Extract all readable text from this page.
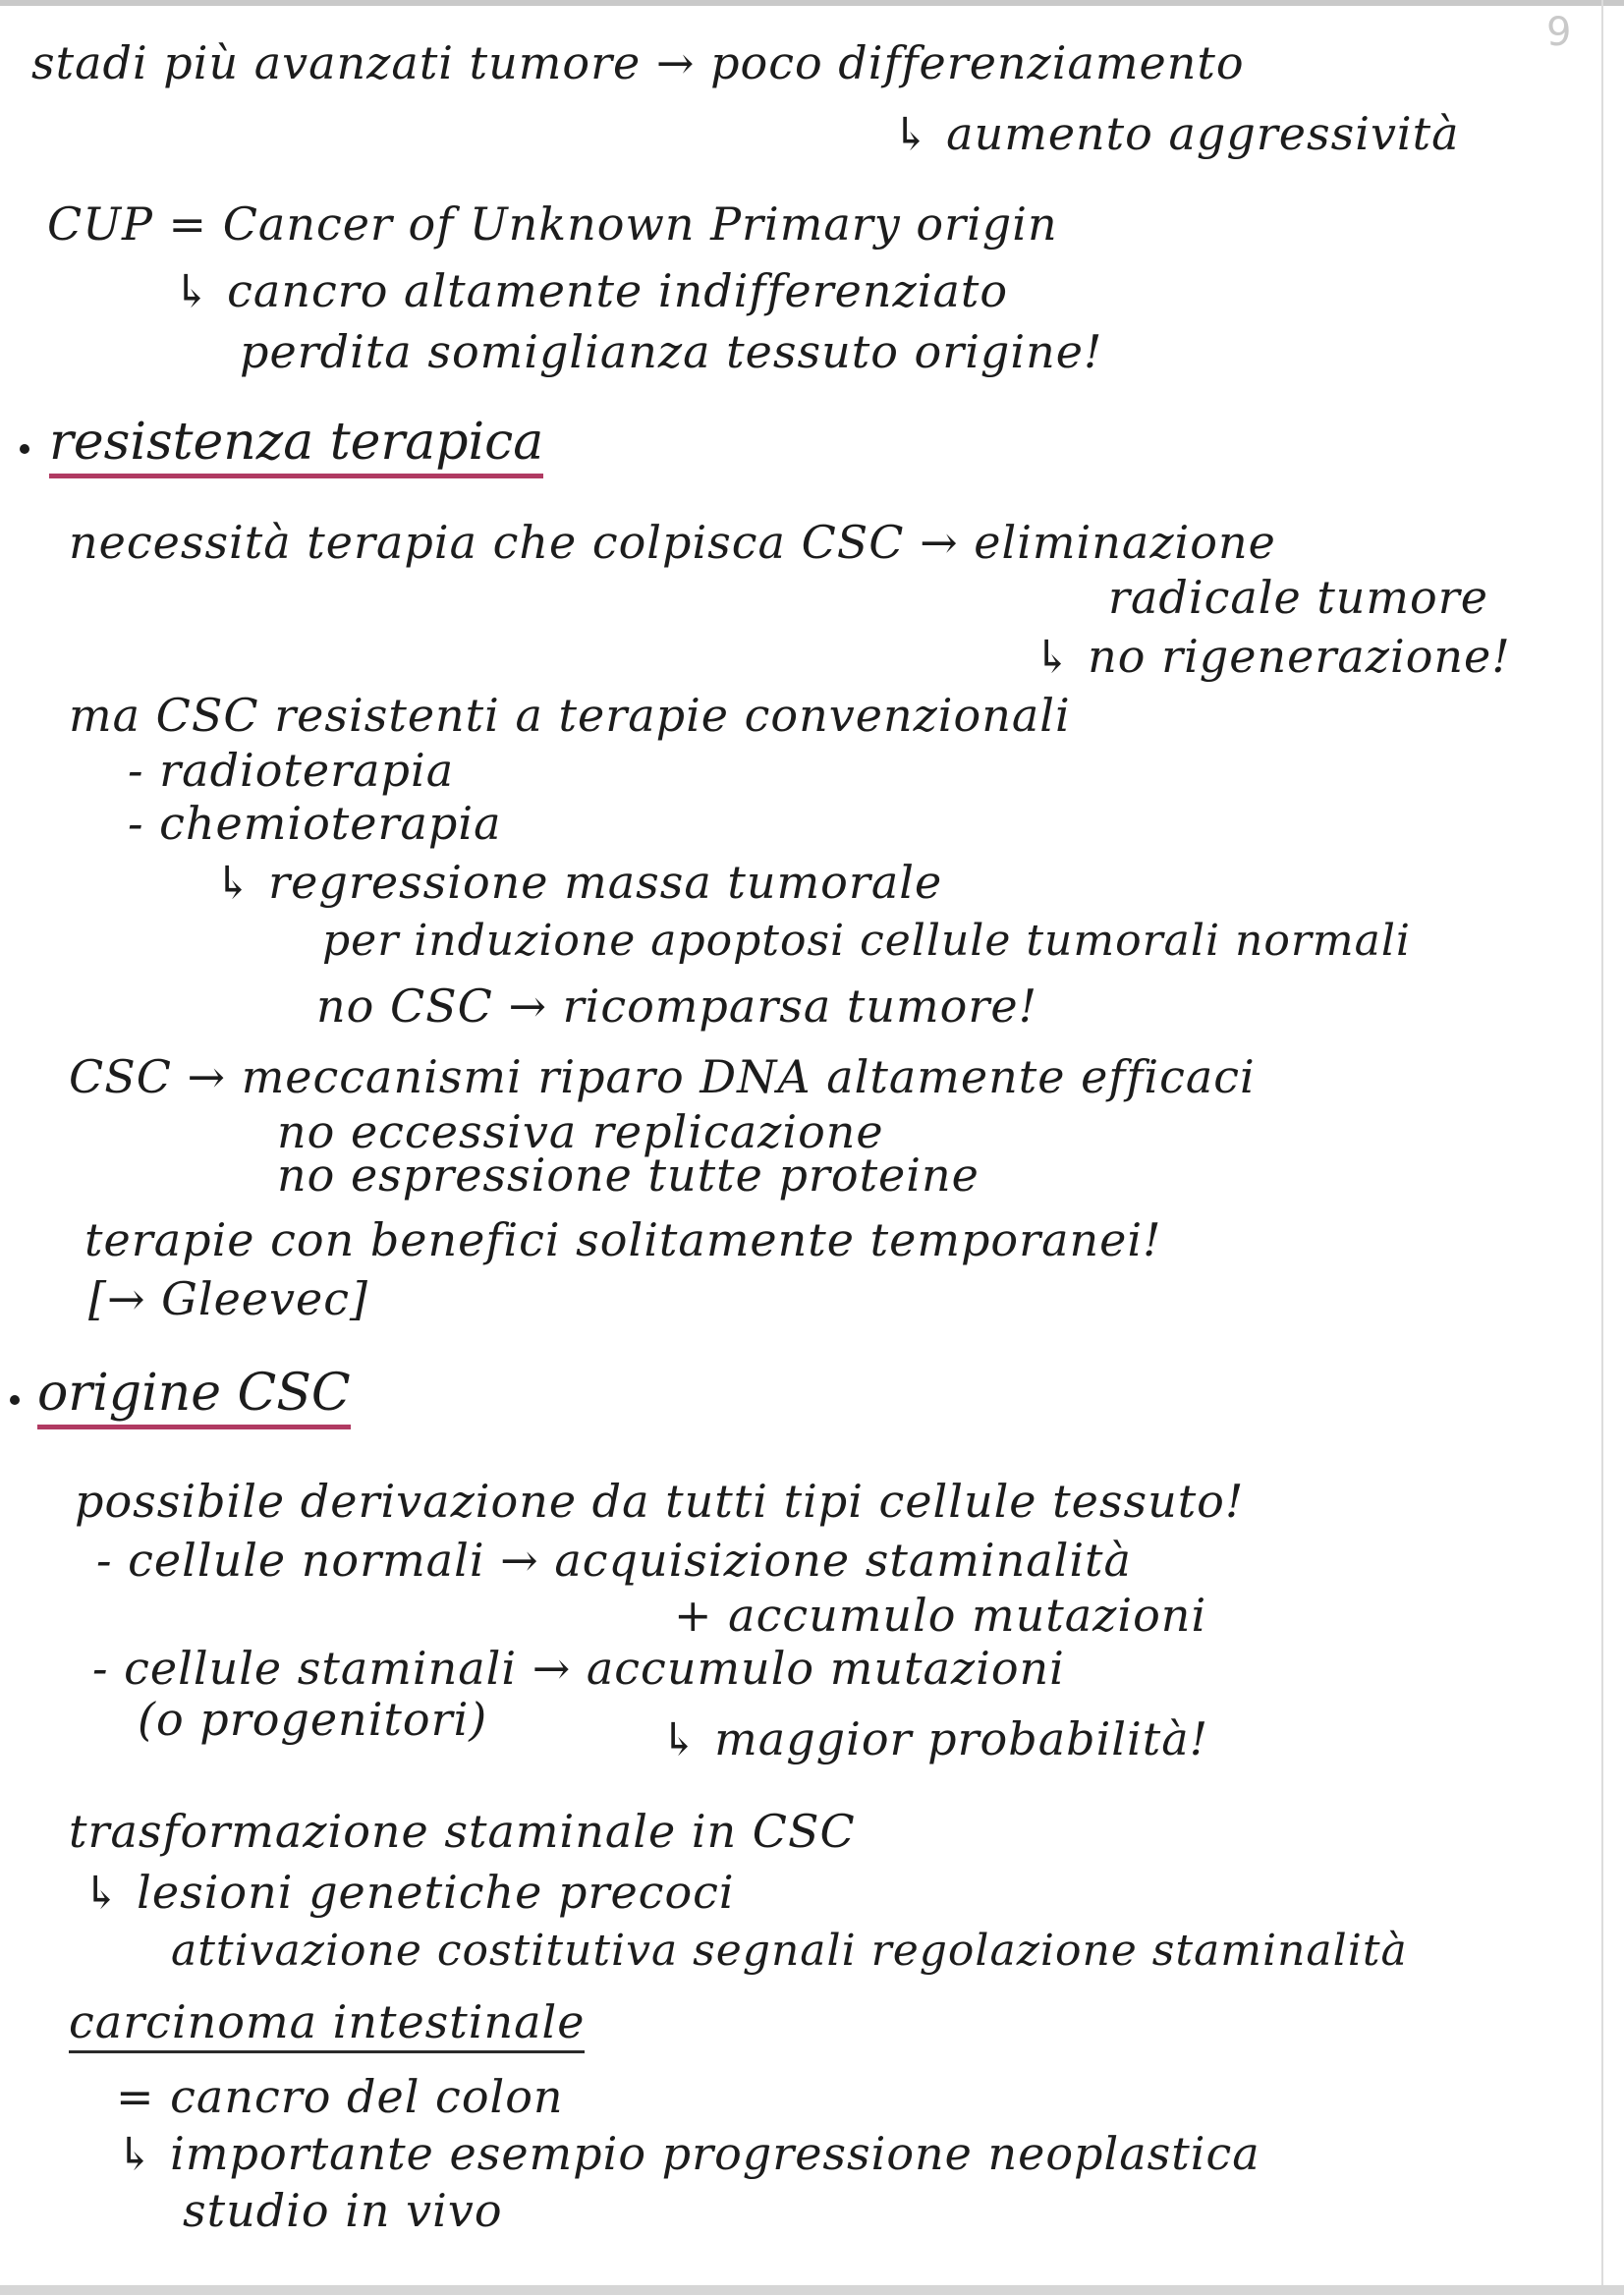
9
stadi più avanzati tumore → poco differenziamento
↳ aumento aggressività
CUP = Cancer of Unknown Primary origin
↳ cancro altamente indifferenziato
perdita somiglianza tessuto origine!
resistenza terapica
necessità terapia che colpisca CSC → eliminazione
radicale tumore
↳ no rigenerazione!
ma CSC resistenti a terapie convenzionali
- radioterapia
- chemioterapia
↳ regressione massa tumorale
per induzione apoptosi cellule tumorali normali
no CSC → ricomparsa tumore!
CSC → meccanismi riparo DNA altamente efficaci
no eccessiva replicazione
no espressione tutte proteine
terapie con benefici solitamente temporanei!
[→ Gleevec]
origine CSC
possibile derivazione da tutti tipi cellule tessuto!
- cellule normali → acquisizione staminalità
+ accumulo mutazioni
- cellule staminali → accumulo mutazioni
(o progenitori)	↳ maggior probabilità!
trasformazione staminale in CSC
↳ lesioni genetiche precoci
attivazione costitutiva segnali regolazione staminalità
carcinoma intestinale
= cancro del colon
↳ importante esempio progressione neoplastica
studio in vivo
